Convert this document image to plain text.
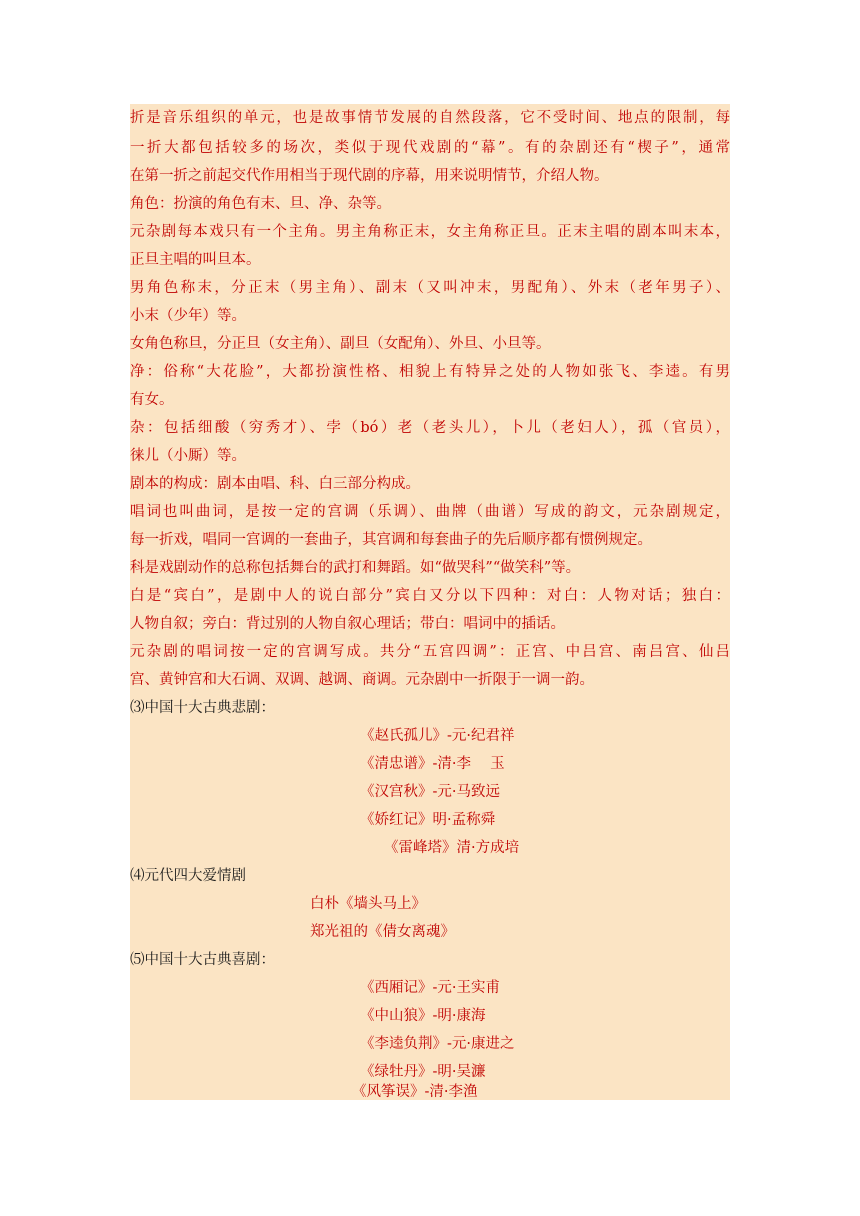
折是音乐组织的单元，也是故事情节发展的自然段落，它不受时间、地点的限制，每
一折大都包括较多的场次，类似于现代戏剧的“幕”。有的杂剧还有“楔子”，通常
在第一折之前起交代作用相当于现代剧的序幕，用来说明情节，介绍人物。
角色：扮演的角色有末、旦、净、杂等。
元杂剧每本戏只有一个主角。男主角称正末，女主角称正旦。正末主唱的剧本叫末本，
正旦主唱的叫旦本。
男角色称末，分正末（男主角）、副末（又叫冲末，男配角）、外末（老年男子）、
小末（少年）等。
女角色称旦，分正旦（女主角）、副旦（女配角）、外旦、小旦等。
净：俗称“大花脸”，大都扮演性格、相貌上有特异之处的人物如张飞、李逵。有男
有女。
杂：包括细酸（穷秀才）、孛（bó）老（老头儿），卜儿（老妇人），孤（官员），
徕儿（小厮）等。
剧本的构成：剧本由唱、科、白三部分构成。
唱词也叫曲词，是按一定的宫调（乐调）、曲牌（曲谱）写成的韵文，元杂剧规定，
每一折戏，唱同一宫调的一套曲子，其宫调和每套曲子的先后顺序都有惯例规定。
科是戏剧动作的总称包括舞台的武打和舞蹈。如“做哭科”“做笑科”等。
白是“宾白”，是剧中人的说白部分”宾白又分以下四种：对白：人物对话；独白：
人物自叙；旁白：背过别的人物自叙心理话；带白：唱词中的插话。
元杂剧的唱词按一定的宫调写成。共分“五宫四调”：正宫、中吕宫、南吕宫、仙吕
宫、黄钟宫和大石调、双调、越调、商调。元杂剧中一折限于一调一韵。
⑶中国十大古典悲剧：

《赵氏孤儿》-元·纪君祥

《清忠谱》-清·李　 玉

《汉宫秋》-元·马致远

《娇红记》明·孟称舜

《雷峰塔》清·方成培

⑷元代四大爱情剧

白朴《墙头马上》

郑光祖的《倩女离魂》

⑸中国十大古典喜剧：

《西厢记》-元·王实甫

《中山狼》-明·康海

《李逵负荆》-元·康进之

《绿牡丹》-明·吴濂

《风筝误》-清·李渔
